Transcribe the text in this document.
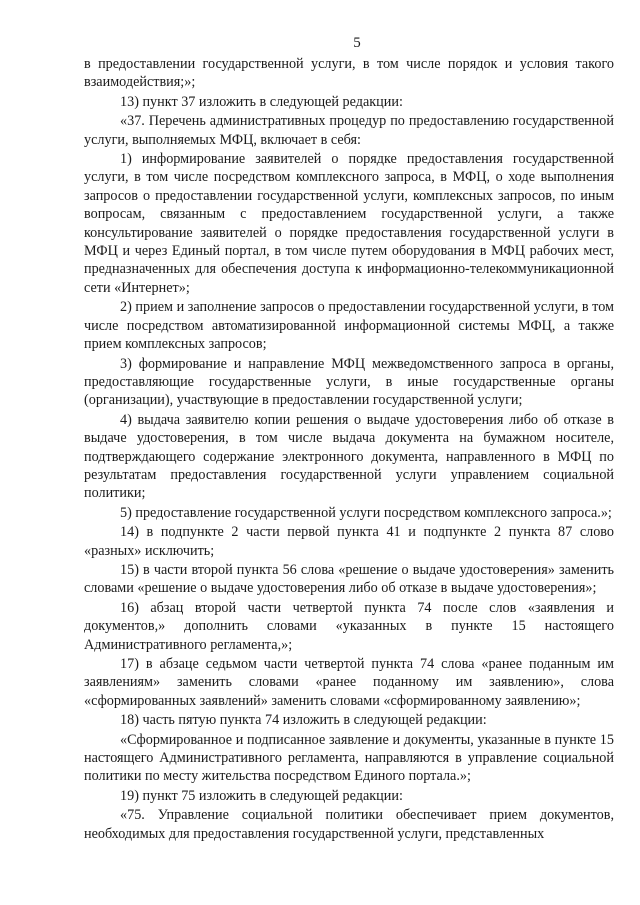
5

в предоставлении государственной услуги, в том числе порядок и условия такого взаимодействия;»;

13) пункт 37 изложить в следующей редакции:

«37. Перечень административных процедур по предоставлению государственной услуги, выполняемых МФЦ, включает в себя:

1) информирование заявителей о порядке предоставления государственной услуги, в том числе посредством комплексного запроса, в МФЦ, о ходе выполнения запросов о предоставлении государственной услуги, комплексных запросов, по иным вопросам, связанным с предоставлением государственной услуги, а также консультирование заявителей о порядке предоставления государственной услуги в МФЦ и через Единый портал, в том числе путем оборудования в МФЦ рабочих мест, предназначенных для обеспечения доступа к информационно-телекоммуникационной сети «Интернет»;

2) прием и заполнение запросов о предоставлении государственной услуги, в том числе посредством автоматизированной информационной системы МФЦ, а также прием комплексных запросов;

3) формирование и направление МФЦ межведомственного запроса в органы, предоставляющие государственные услуги, в иные государственные органы (организации), участвующие в предоставлении государственной услуги;

4) выдача заявителю копии решения о выдаче удостоверения либо об отказе в выдаче удостоверения, в том числе выдача документа на бумажном носителе, подтверждающего содержание электронного документа, направленного в МФЦ по результатам предоставления государственной услуги управлением социальной политики;

5) предоставление государственной услуги посредством комплексного запроса.»;

14) в подпункте 2 части первой пункта 41 и подпункте 2 пункта 87 слово «разных» исключить;

15) в части второй пункта 56 слова «решение о выдаче удостоверения» заменить словами «решение о выдаче удостоверения либо об отказе в выдаче удостоверения»;

16) абзац второй части четвертой пункта 74 после слов «заявления и документов,» дополнить словами «указанных в пункте 15 настоящего Административного регламента,»;

17) в абзаце седьмом части четвертой пункта 74 слова «ранее поданным им заявлениям» заменить словами «ранее поданному им заявлению», слова «сформированных заявлений» заменить словами «сформированному заявлению»;

18) часть пятую пункта 74 изложить в следующей редакции:

«Сформированное и подписанное заявление и документы, указанные в пункте 15 настоящего Административного регламента, направляются в управление социальной политики по месту жительства посредством Единого портала.»;

19) пункт 75 изложить в следующей редакции:

«75. Управление социальной политики обеспечивает прием документов, необходимых для предоставления государственной услуги, представленных
